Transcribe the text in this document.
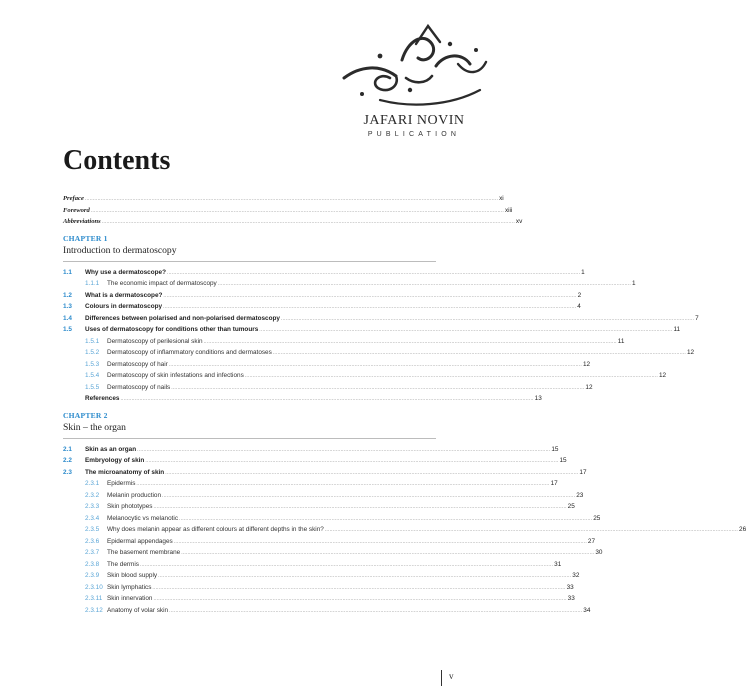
JAFARI NOVIN
PUBLICATION
Contents
Preface .................................................................................................................................................................................................................................................................... xi
Foreword .................................................................................................................................................................................................................................................................... xiii
Abbreviations .................................................................................................................................................................................................................................................................... xv
CHAPTER 1
Introduction to dermatoscopy
1.1	Why use a dermatoscope? .................................................................................................................................................................................................................................................................... 1
1.1.1	The economic impact of dermatoscopy .................................................................................................................................................................................................................................................................... 1
1.2	What is a dermatoscope? .................................................................................................................................................................................................................................................................... 2
1.3	Colours in dermatoscopy .................................................................................................................................................................................................................................................................... 4
1.4	Differences between polarised and non-polarised dermatoscopy .................................................................................................................................................................................................................................................................... 7
1.5	Uses of dermatoscopy for conditions other than tumours .................................................................................................................................................................................................................................................................... 11
1.5.1	Dermatoscopy of perilesional skin .................................................................................................................................................................................................................................................................... 11
1.5.2	Dermatoscopy of inflammatory conditions and dermatoses .................................................................................................................................................................................................................................................................... 12
1.5.3	Dermatoscopy of hair .................................................................................................................................................................................................................................................................... 12
1.5.4	Dermatoscopy of skin infestations and infections .................................................................................................................................................................................................................................................................... 12
1.5.5	Dermatoscopy of nails .................................................................................................................................................................................................................................................................... 12
References .................................................................................................................................................................................................................................................................... 13
CHAPTER 2
Skin – the organ
2.1	Skin as an organ .................................................................................................................................................................................................................................................................... 15
2.2	Embryology of skin .................................................................................................................................................................................................................................................................... 15
2.3	The microanatomy of skin .................................................................................................................................................................................................................................................................... 17
2.3.1	Epidermis .................................................................................................................................................................................................................................................................... 17
2.3.2	Melanin production .................................................................................................................................................................................................................................................................... 23
2.3.3	Skin phototypes .................................................................................................................................................................................................................................................................... 25
2.3.4	Melanocytic vs melanotic .................................................................................................................................................................................................................................................................... 25
2.3.5	Why does melanin appear as different colours at different depths in the skin? .................................................................................................................................................................................................................................................................... 26
2.3.6	Epidermal appendages .................................................................................................................................................................................................................................................................... 27
2.3.7	The basement membrane .................................................................................................................................................................................................................................................................... 30
2.3.8	The dermis .................................................................................................................................................................................................................................................................... 31
2.3.9	Skin blood supply .................................................................................................................................................................................................................................................................... 32
2.3.10 Skin lymphatics .................................................................................................................................................................................................................................................................... 33
2.3.11 Skin innervation .................................................................................................................................................................................................................................................................... 33
2.3.12 Anatomy of volar skin .................................................................................................................................................................................................................................................................... 34
v
